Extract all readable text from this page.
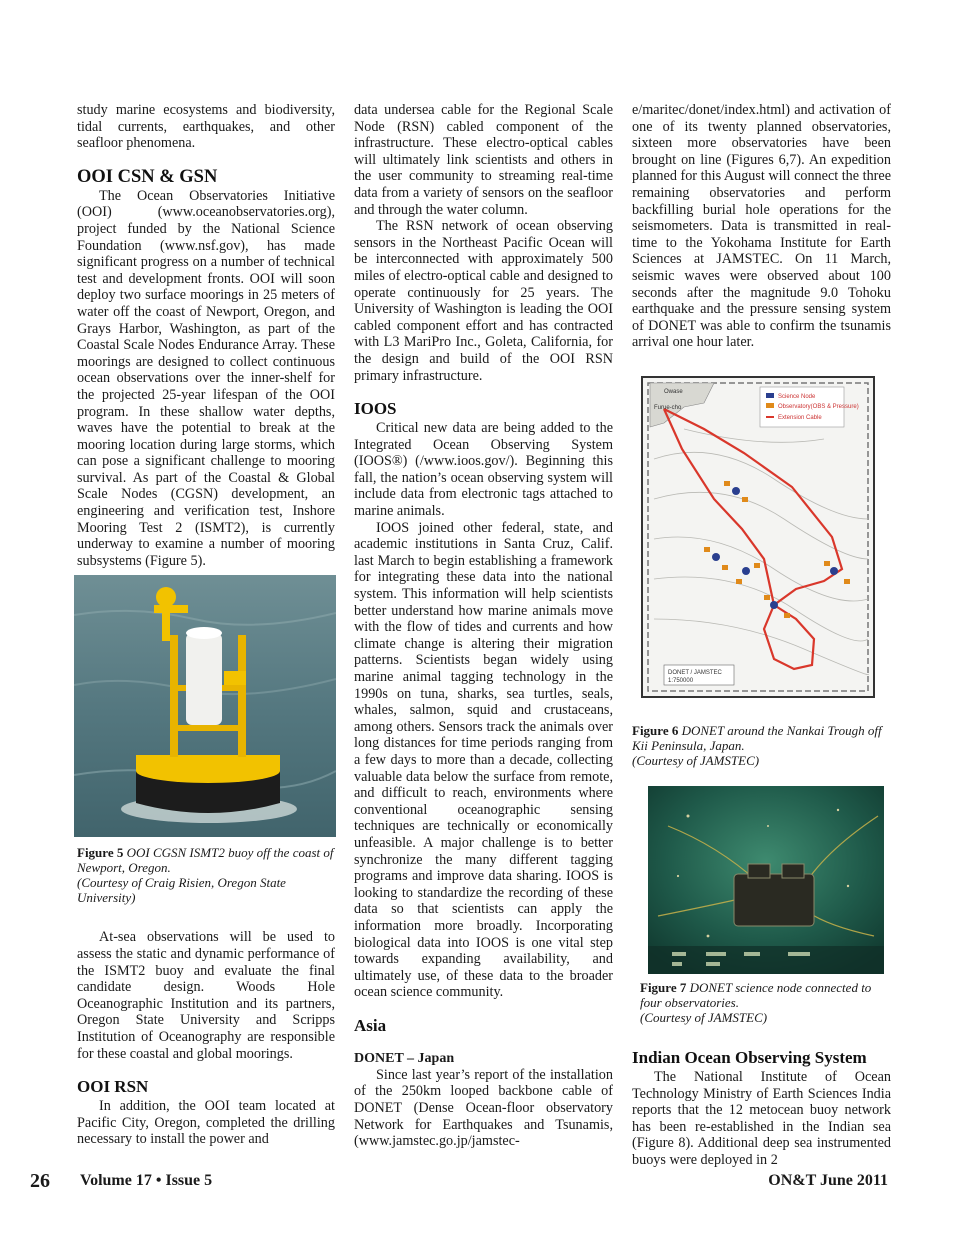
study marine ecosystems and biodiversity, tidal currents, earthquakes, and other seafloor phenomena.

OOI CSN & GSN

The Ocean Observatories Initiative (OOI) (www.oceanobservatories.org), project funded by the National Science Foundation (www.nsf.gov), has made significant progress on a number of technical test and development fronts. OOI will soon deploy two surface moorings in 25 meters of water off the coast of Newport, Oregon, and Grays Harbor, Washington, as part of the Coastal Scale Nodes Endurance Array. These moorings are designed to collect continuous ocean observations over the inner-shelf for the projected 25-year lifespan of the OOI program. In these shallow water depths, waves have the potential to break at the mooring location during large storms, which can pose a significant challenge to mooring survival. As part of the Coastal & Global Scale Nodes (CGSN) development, an engineering and verification test, Inshore Mooring Test 2 (ISMT2), is currently underway to examine a number of mooring subsystems (Figure 5).

Figure 5 OOI CGSN ISMT2 buoy off the coast of Newport, Oregon.

(Courtesy of Craig Risien, Oregon State University)

At-sea observations will be used to assess the static and dynamic performance of the ISMT2 buoy and evaluate the final candidate design. Woods Hole Oceanographic Institution and its partners, Oregon State University and Scripps Institution of Oceanography are responsible for these coastal and global moorings.

OOI RSN

In addition, the OOI team located at Pacific City, Oregon, completed the drilling necessary to install the power and

data undersea cable for the Regional Scale Node (RSN) cabled component of the infrastructure. These electro-optical cables will ultimately link scientists and others in the user community to streaming real-time data from a variety of sensors on the seafloor and through the water column.

The RSN network of ocean observing sensors in the Northeast Pacific Ocean will be interconnected with approximately 500 miles of electro-optical cable and designed to operate continuously for 25 years. The University of Washington is leading the OOI cabled component effort and has contracted with L3 MariPro Inc., Goleta, California, for the design and build of the OOI RSN primary infrastructure.

IOOS

Critical new data are being added to the Integrated Ocean Observing System (IOOS®) (/www.ioos.gov/). Beginning this fall, the nation’s ocean observing system will include data from electronic tags attached to marine animals.

IOOS joined other federal, state, and academic institutions in Santa Cruz, Calif. last March to begin establishing a framework for integrating these data into the national system. This information will help scientists better understand how marine animals move with the flow of tides and currents and how climate change is altering their migration patterns. Scientists began widely using marine animal tagging technology in the 1990s on tuna, sharks, sea turtles, seals, whales, salmon, squid and crustaceans, among others. Sensors track the animals over long distances for time periods ranging from a few days to more than a decade, collecting valuable data below the surface from remote, and difficult to reach, environments where conventional oceanographic sensing techniques are technically or economically unfeasible. A major challenge is to better synchronize the many different tagging programs and improve data sharing. IOOS is looking to standardize the recording of these data so that scientists can apply the information more broadly. Incorporating biological data into IOOS is one vital step towards expanding availability, and ultimately use, of these data to the broader ocean science community.

Asia
DONET – Japan

Since last year’s report of the installation of the 250km looped backbone cable of DONET (Dense Ocean-floor observatory Network for Earthquakes and Tsunamis, (www.jamstec.go.jp/jamstec-

e/maritec/donet/index.html) and activation of one of its twenty planned observatories, sixteen more observatories have been brought on line (Figures 6,7). An expedition planned for this August will connect the three remaining observatories and perform backfilling burial hole operations for the seismometers. Data is transmitted in real-time to the Yokohama Institute for Earth Sciences at JAMSTEC. On 11 March, seismic waves were observed about 100 seconds after the magnitude 9.0 Tohoku earthquake and the pressure sensing system of DONET was able to confirm the tsunamis arrival one hour later.

Science Node
Observatory(OBS & Pressure)
Extension Cable
Owase
Furue-cho
DONET / JAMSTEC
1:750000

Figure 6 DONET around the Nankai Trough off Kii Peninsula, Japan.

(Courtesy of JAMSTEC)

Figure 7 DONET science node connected to four observatories.

(Courtesy of JAMSTEC)

Indian Ocean Observing System

The National Institute of Ocean Technology Ministry of Earth Sciences India reports that the 12 metocean buoy network has been re-established in the Indian sea (Figure 8). Additional deep sea instrumented buoys were deployed in 2

26 Volume 17 • Issue 5	ON&T June 2011
